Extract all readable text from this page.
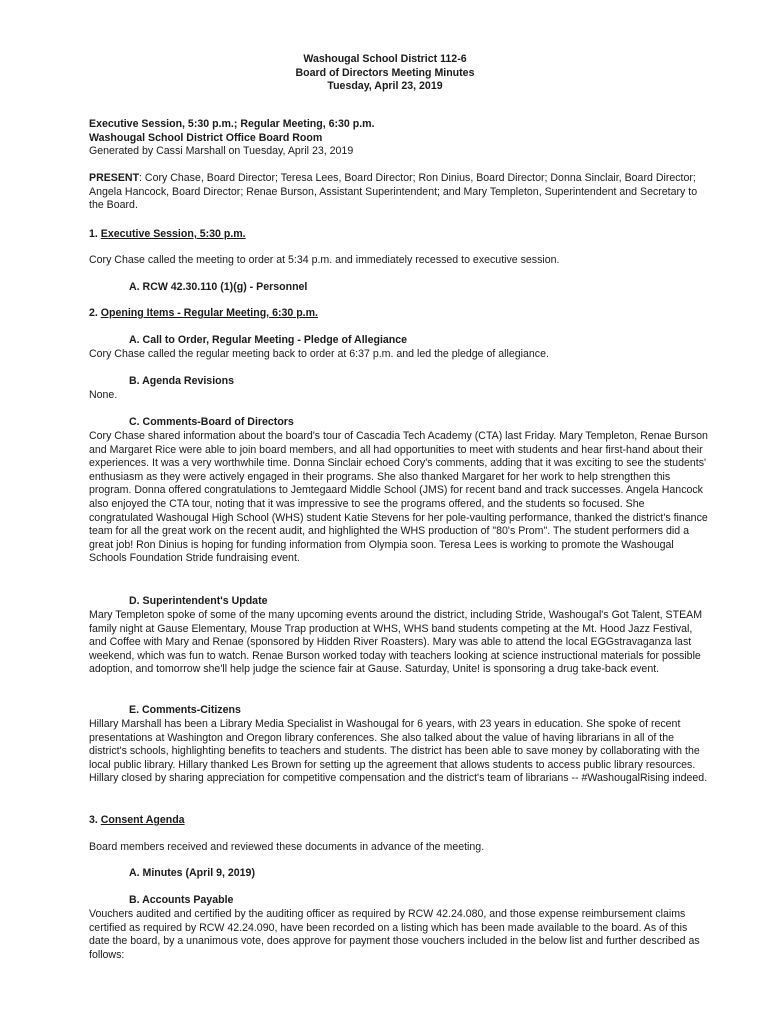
Washougal School District 112-6
Board of Directors Meeting Minutes
Tuesday, April 23, 2019
Executive Session, 5:30 p.m.; Regular Meeting, 6:30 p.m.
Washougal School District Office Board Room
Generated by Cassi Marshall on Tuesday, April 23, 2019
PRESENT: Cory Chase, Board Director; Teresa Lees, Board Director; Ron Dinius, Board Director; Donna Sinclair, Board Director; Angela Hancock, Board Director; Renae Burson, Assistant Superintendent; and Mary Templeton, Superintendent and Secretary to the Board.
1. Executive Session, 5:30 p.m.
Cory Chase called the meeting to order at 5:34 p.m. and immediately recessed to executive session.
A. RCW 42.30.110 (1)(g) - Personnel
2. Opening Items - Regular Meeting, 6:30 p.m.
A. Call to Order, Regular Meeting - Pledge of Allegiance
Cory Chase called the regular meeting back to order at 6:37 p.m. and led the pledge of allegiance.
B. Agenda Revisions
None.
C. Comments-Board of Directors
Cory Chase shared information about the board's tour of Cascadia Tech Academy (CTA) last Friday. Mary Templeton, Renae Burson and Margaret Rice were able to join board members, and all had opportunities to meet with students and hear first-hand about their experiences. It was a very worthwhile time. Donna Sinclair echoed Cory's comments, adding that it was exciting to see the students' enthusiasm as they were actively engaged in their programs. She also thanked Margaret for her work to help strengthen this program. Donna offered congratulations to Jemtegaard Middle School (JMS) for recent band and track successes. Angela Hancock also enjoyed the CTA tour, noting that it was impressive to see the programs offered, and the students so focused. She congratulated Washougal High School (WHS) student Katie Stevens for her pole-vaulting performance, thanked the district's finance team for all the great work on the recent audit, and highlighted the WHS production of "80's Prom". The student performers did a great job! Ron Dinius is hoping for funding information from Olympia soon. Teresa Lees is working to promote the Washougal Schools Foundation Stride fundraising event.
D. Superintendent's Update
Mary Templeton spoke of some of the many upcoming events around the district, including Stride, Washougal's Got Talent, STEAM family night at Gause Elementary, Mouse Trap production at WHS, WHS band students competing at the Mt. Hood Jazz Festival, and Coffee with Mary and Renae (sponsored by Hidden River Roasters). Mary was able to attend the local EGGstravaganza last weekend, which was fun to watch. Renae Burson worked today with teachers looking at science instructional materials for possible adoption, and tomorrow she'll help judge the science fair at Gause. Saturday, Unite! is sponsoring a drug take-back event.
E. Comments-Citizens
Hillary Marshall has been a Library Media Specialist in Washougal for 6 years, with 23 years in education. She spoke of recent presentations at Washington and Oregon library conferences. She also talked about the value of having librarians in all of the district's schools, highlighting benefits to teachers and students. The district has been able to save money by collaborating with the local public library. Hillary thanked Les Brown for setting up the agreement that allows students to access public library resources. Hillary closed by sharing appreciation for competitive compensation and the district's team of librarians -- #WashougalRising indeed.
3. Consent Agenda
Board members received and reviewed these documents in advance of the meeting.
A. Minutes (April 9, 2019)
B. Accounts Payable
Vouchers audited and certified by the auditing officer as required by RCW 42.24.080, and those expense reimbursement claims certified as required by RCW 42.24.090, have been recorded on a listing which has been made available to the board. As of this date the board, by a unanimous vote, does approve for payment those vouchers included in the below list and further described as follows:
